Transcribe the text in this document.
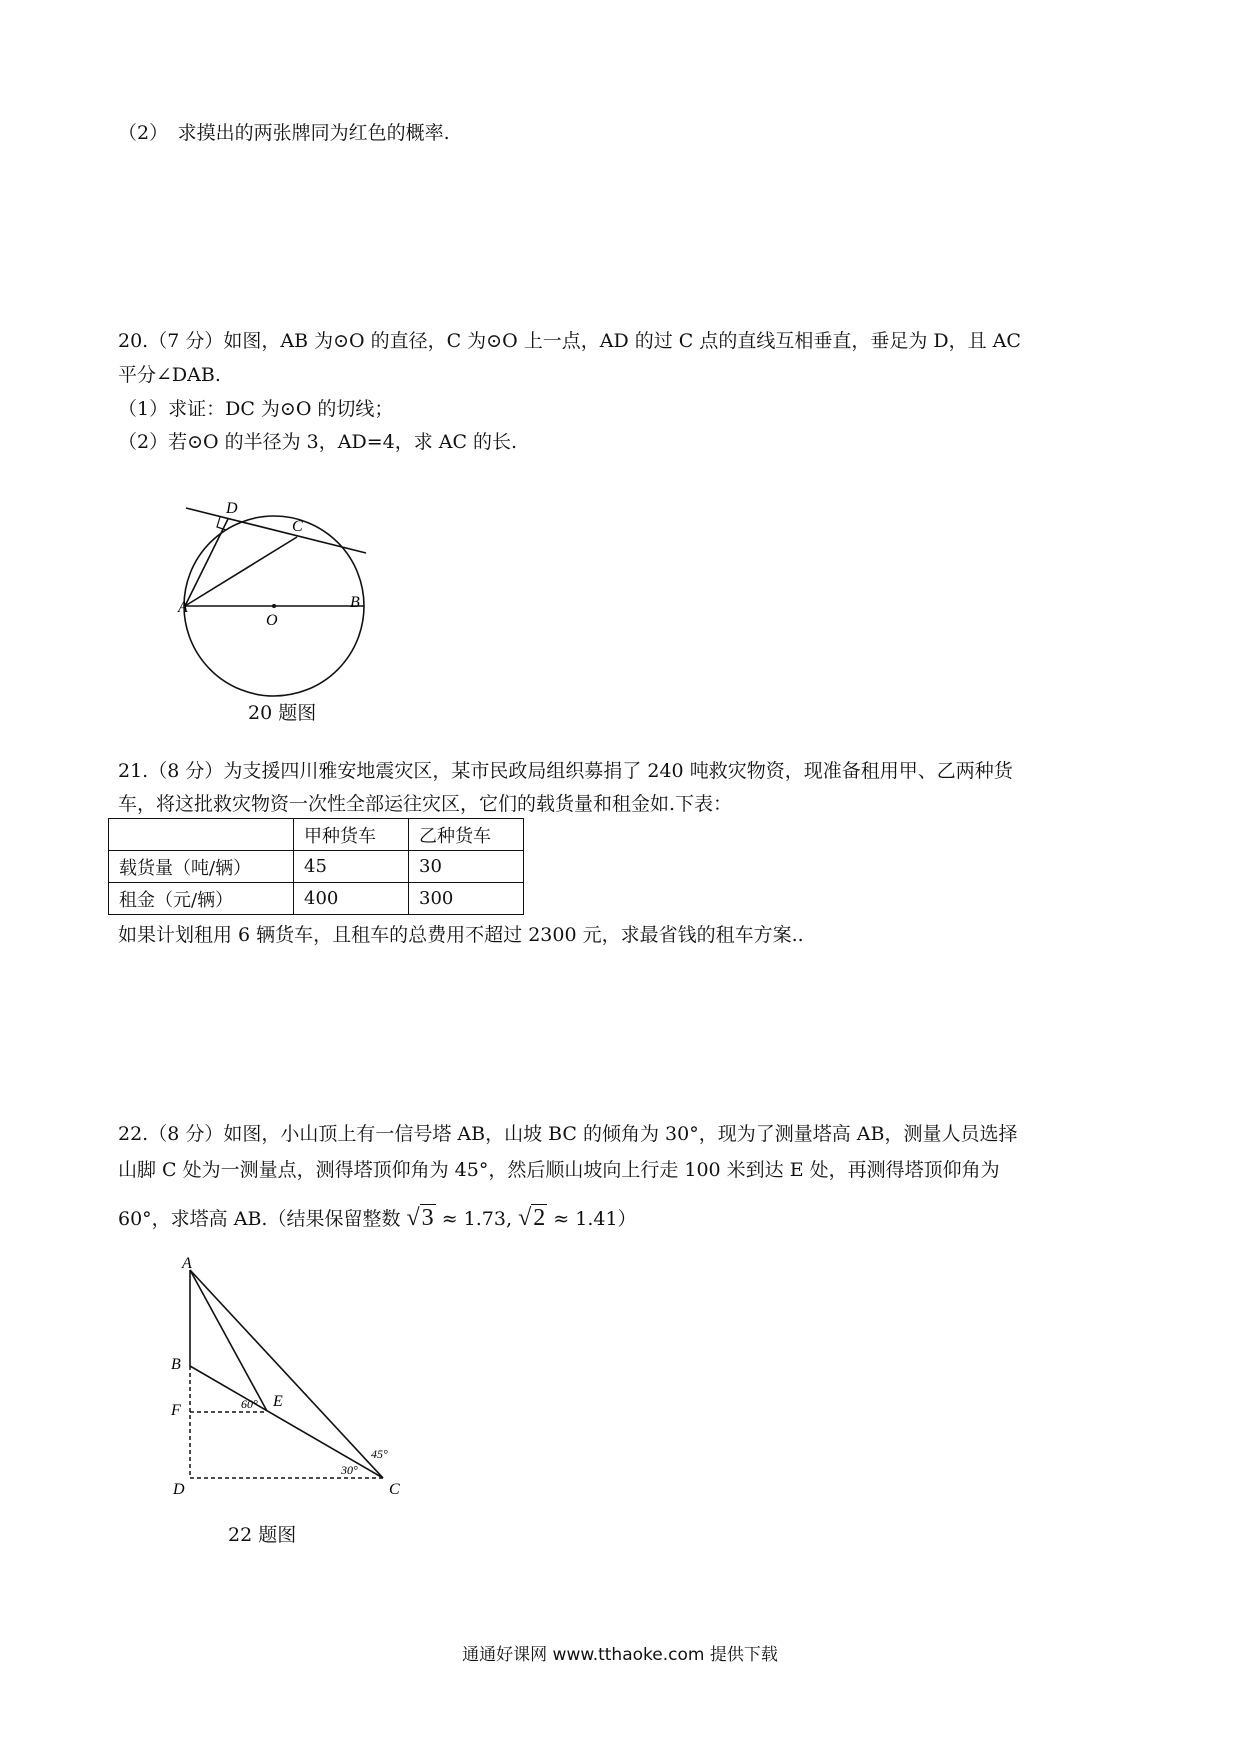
（2）　求摸出的两张牌同为红色的概率.
20.（7 分）如图，AB 为⊙O 的直径，C 为⊙O 上一点，AD 的过 C 点的直线互相垂直，垂足为 D，且 AC
平分∠DAB.
（1）求证：DC 为⊙O 的切线；
（2）若⊙O 的半径为 3，AD=4，求 AC 的长.
D
C
A
O
B
20 题图
21.（8 分）为支援四川雅安地震灾区，某市民政局组织募捐了 240 吨救灾物资，现准备租用甲、乙两种货
车，将这批救灾物资一次性全部运往灾区，它们的载货量和租金如.下表：
	甲种货车	乙种货车
载货量（吨/辆）	45	30
租金（元/辆）	400	300
如果计划租用 6 辆货车，且租车的总费用不超过 2300 元，求最省钱的租车方案..
22.（8 分）如图，小山顶上有一信号塔 AB，山坡 BC 的倾角为 30°，现为了测量塔高 AB，测量人员选择
山脚 C 处为一测量点，测得塔顶仰角为 45°，然后顺山坡向上行走 100 米到达 E 处，再测得塔顶仰角为
60°，求塔高 AB.（结果保留整数 √3 ≈ 1.73, √2 ≈ 1.41）
A
B
F
E
60°
30°
45°
D	C
22 题图
通通好课网 www.tthaoke.com 提供下载
